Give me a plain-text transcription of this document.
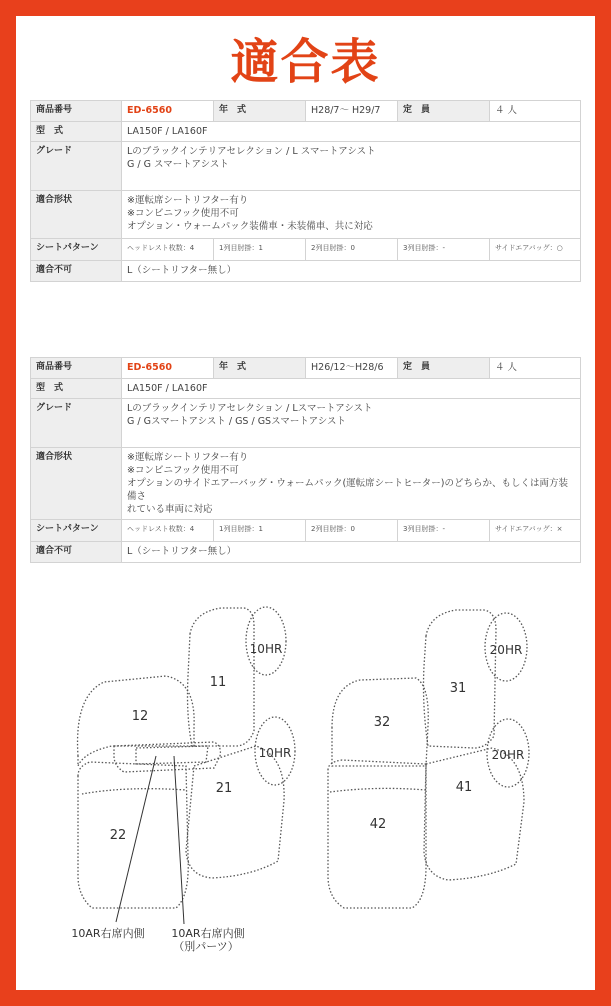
適合表
商品番号	ED-6560	年　式	H28/7～ H29/7	定　員	４ 人
型　式	LA150F / LA160F				
グレード	Lのブラックインテリアセレクション / L スマートアシスト
G / G スマートアシスト				

適合形状	※運転席シートリフター有り
※コンビニフック使用不可
オプション・ウォームパック装備車・未装備車、共に対応				

シートパターン	ヘッドレスト枚数：4	1列目肘掛：1	2列目肘掛：0	3列目肘掛：-	サイドエアバッグ：○
適合不可	L（シートリフター無し）				
商品番号	ED-6560	年　式	H26/12～H28/6	定　員	４ 人
型　式	LA150F / LA160F				
グレード	Lのブラックインテリアセレクション / Lスマートアシスト
G / Gスマートアシスト / GS / GSスマートアシスト				

適合形状	※運転席シートリフター有り
※コンビニフック使用不可
オプションのサイドエアーバッグ・ウォームパック(運転席シートヒーター)のどちらか、もしくは両方装備さ
れている車両に対応				

シートパターン	ヘッドレスト枚数：4	1列目肘掛：1	2列目肘掛：0	3列目肘掛：-	サイドエアバッグ：×
適合不可	L（シートリフター無し）				
10HR
11
10HR
12
21
22
10AR右席内側 10AR右席内側
（別パーツ）
20HR
31
20HR
32
41
42
